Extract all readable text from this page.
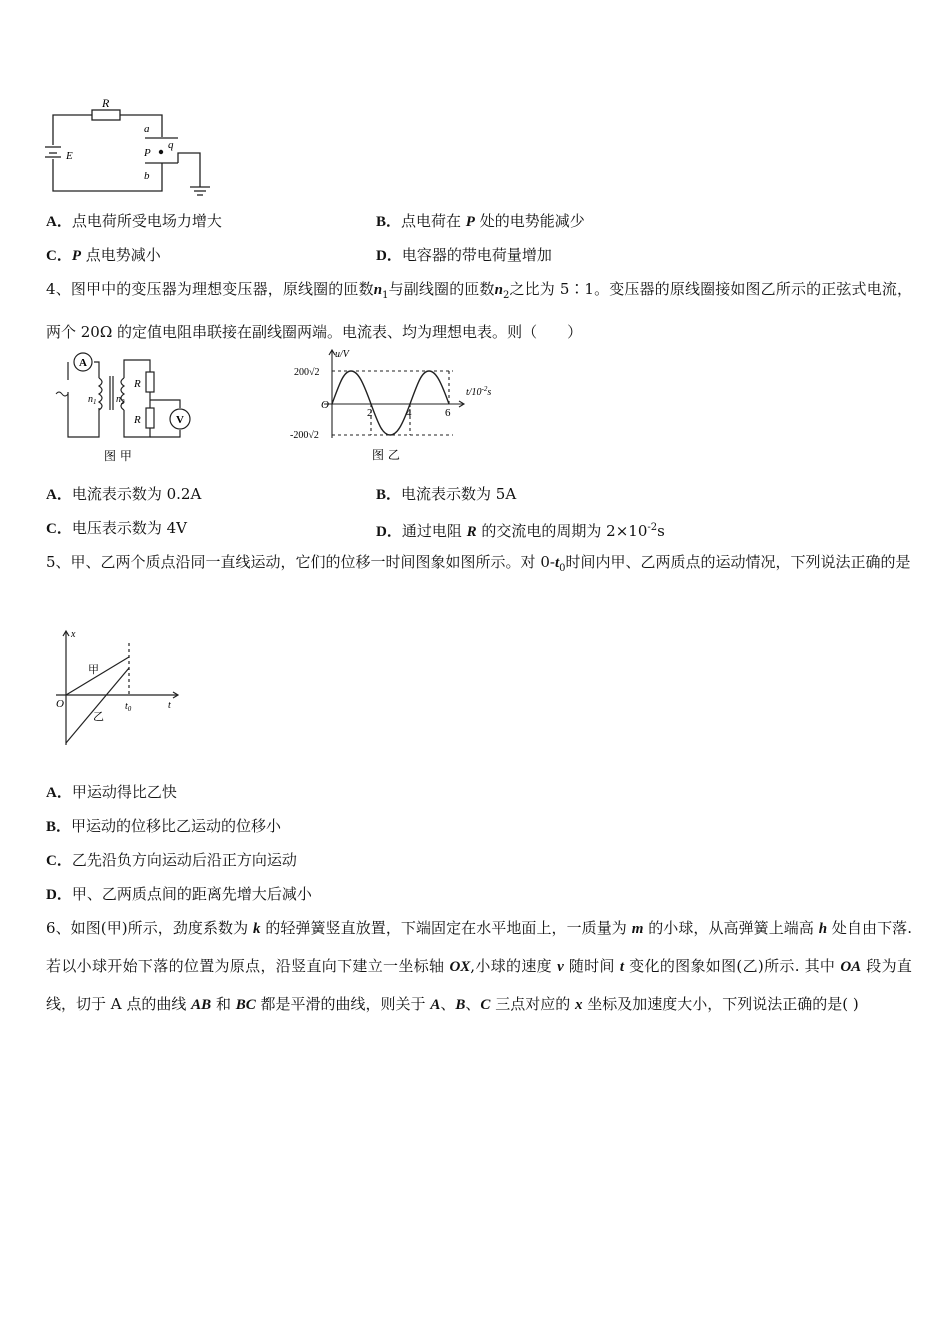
R
a
q
P
E
b
A．点电荷所受电场力增大	B．点电荷在 P 处的电势能减少
C．P 点电势减小	D．电容器的带电荷量增加
4、图甲中的变压器为理想变压器，原线圈的匝数$n_1$与副线圈的匝数$n_2$之比为 5∶1。变压器的原线圈接如图乙所示的正弦式电流，两个 20Ω 的定值电阻串联接在副线圈两端。电流表、均为理想电表。则（　　）
A
$n_1$ $n_2$
R
R	V
图 甲
u/V
200√2
-200√2
O
$t/10^{-2}s$
2	4	6
图 乙
A．电流表示数为 0.2A	B．电流表示数为 5A
C．电压表示数为 4V	D．通过电阻 R 的交流电的周期为 $2\times 10^{-2}s$
5、甲、乙两个质点沿同一直线运动，它们的位移一时间图象如图所示。对 $0-t_0$时间内甲、乙两质点的运动情况，下列说法正确的是
x
O	t
$t_0$
甲
乙
A．甲运动得比乙快
B．甲运动的位移比乙运动的位移小
C．乙先沿负方向运动后沿正方向运动
D．甲、乙两质点间的距离先增大后减小
6、如图(甲)所示，劲度系数为 k 的轻弹簧竖直放置，下端固定在水平地面上，一质量为 m 的小球，从高弹簧上端高 h 处自由下落. 若以小球开始下落的位置为原点，沿竖直向下建立一坐标轴 OX,小球的速度 v 随时间 t 变化的图象如图(乙)所示. 其中 OA 段为直线，切于 A 点的曲线 AB 和 BC 都是平滑的曲线，则关于 A、B、C 三点对应的 x 坐标及加速度大小，下列说法正确的是( )
